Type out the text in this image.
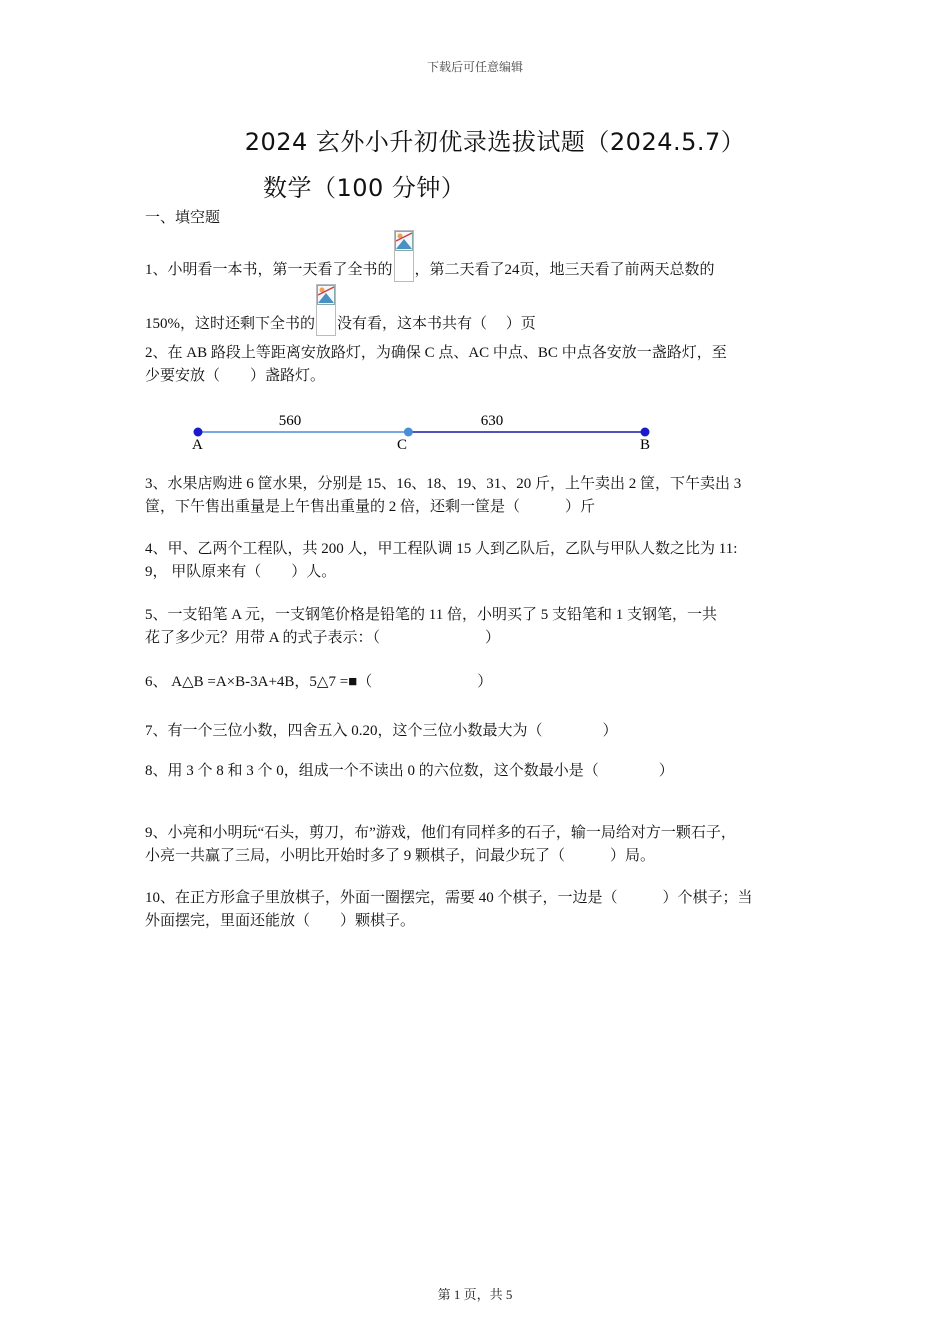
下载后可任意编辑
2024 玄外小升初优录选拔试题（2024.5.7）
数学（100 分钟）
一、填空题
1、小明看一本书，第一天看了全书的 ，第二天看了24页，地三天看了前两天总数的
150%，这时还剩下全书的 没有看，这本书共有（　 ）页
2、在 AB 路段上等距离安放路灯，为确保 C 点、AC 中点、BC 中点各安放一盏路灯，至
少要安放（　　）盏路灯。
560	630
A	C	B
3、水果店购进 6 筐水果，分别是 15、16、18、19、31、20 斤，上午卖出 2 筐，下午卖出 3
筐，下午售出重量是上午售出重量的 2 倍，还剩一筐是（　　　）斤
4、甲、乙两个工程队，共 200 人，甲工程队调 15 人到乙队后，乙队与甲队人数之比为 11:
9， 甲队原来有（　　）人。
5、一支铅笔 A 元，一支钢笔价格是铅笔的 11 倍，小明买了 5 支铅笔和 1 支钢笔，一共
花了多少元？用带 A 的式子表示：（　　　　　　　）
6、 A△B =A×B-3A+4B，5△7 =■（　　　　　　　）
7、有一个三位小数，四舍五入 0.20，这个三位小数最大为（　　　　）
8、用 3 个 8 和 3 个 0，组成一个不读出 0 的六位数，这个数最小是（　　　　）
9、小亮和小明玩“石头，剪刀，布”游戏，他们有同样多的石子，输一局给对方一颗石子，
小亮一共赢了三局，小明比开始时多了 9 颗棋子，问最少玩了（　　　）局。
10、在正方形盒子里放棋子，外面一圈摆完，需要 40 个棋子，一边是（　　　）个棋子；当
外面摆完，里面还能放（　　）颗棋子。
第 1 页，共 5
